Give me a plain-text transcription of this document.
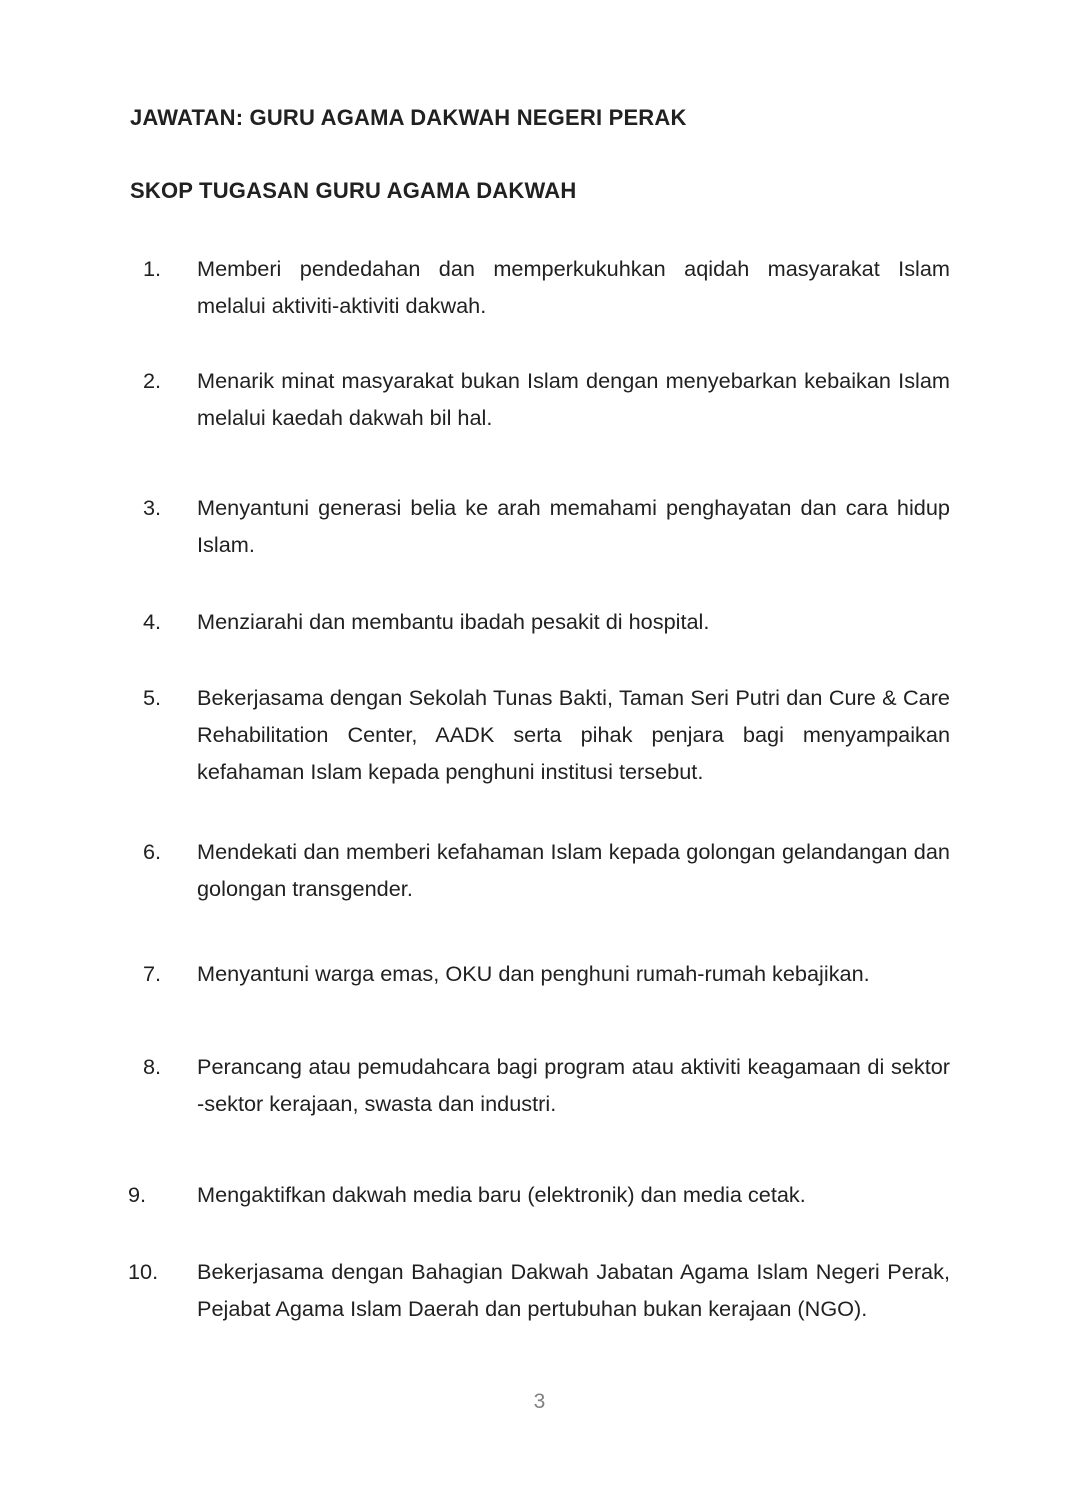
JAWATAN: GURU AGAMA DAKWAH NEGERI PERAK
SKOP TUGASAN GURU AGAMA DAKWAH
1.	Memberi pendedahan dan memperkukuhkan aqidah masyarakat Islam melalui aktiviti-aktiviti dakwah.
2.	Menarik minat masyarakat bukan Islam dengan menyebarkan kebaikan Islam melalui kaedah dakwah bil hal.
3.	Menyantuni generasi belia ke arah memahami penghayatan dan cara hidup Islam.
4.	Menziarahi dan membantu ibadah pesakit di hospital.
5.	Bekerjasama dengan Sekolah Tunas Bakti, Taman Seri Putri dan Cure & Care Rehabilitation Center, AADK serta pihak penjara bagi menyampaikan kefahaman Islam kepada penghuni institusi tersebut.
6.	Mendekati dan memberi kefahaman Islam kepada golongan gelandangan dan golongan transgender.
7.	Menyantuni warga emas, OKU dan penghuni rumah-rumah kebajikan.
8.	Perancang atau pemudahcara bagi program atau aktiviti keagamaan di sektor -sektor kerajaan, swasta dan industri.
9.	Mengaktifkan dakwah media baru (elektronik) dan media cetak.
10.	Bekerjasama dengan Bahagian Dakwah Jabatan Agama Islam Negeri Perak, Pejabat Agama Islam Daerah dan pertubuhan bukan kerajaan (NGO).
3
